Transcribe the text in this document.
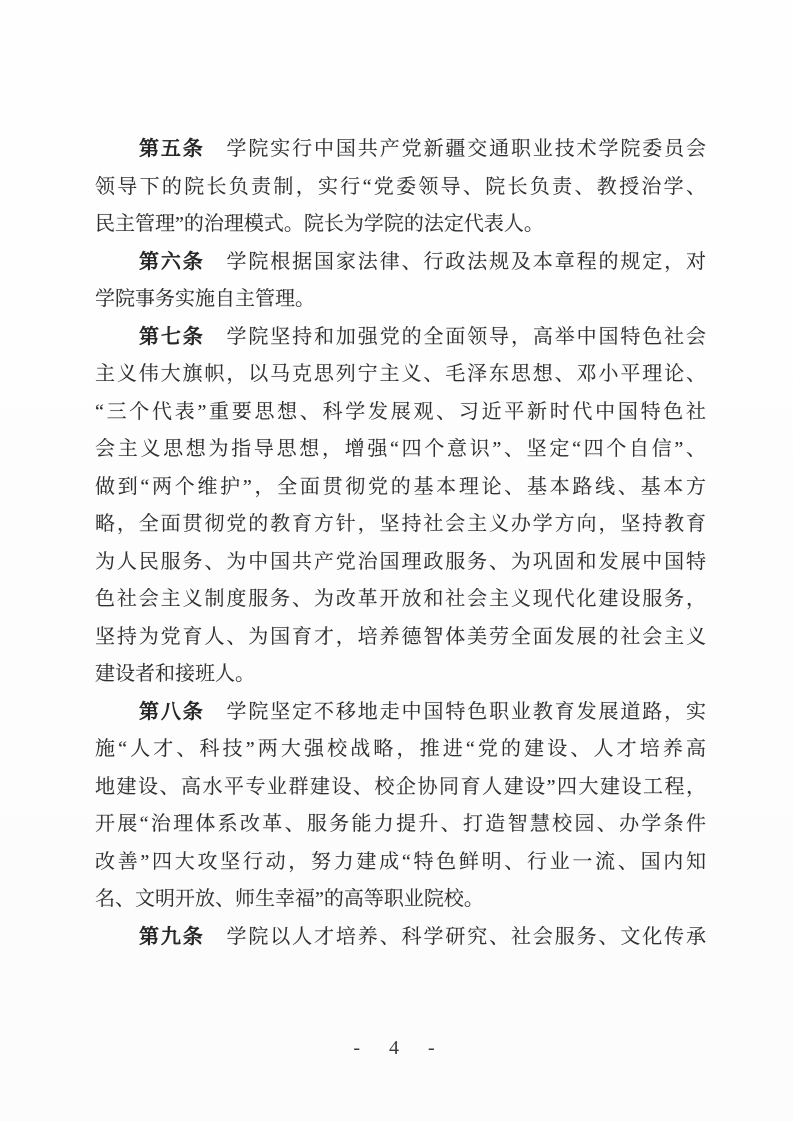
第五条　 学院实行中国共产党新疆交通职业技术学院委员会
领导下的院长负责制，实行“党委领导、院长负责、教授治学、
民主管理”的治理模式。院长为学院的法定代表人。
第六条　 学院根据国家法律、行政法规及本章程的规定，对
学院事务实施自主管理。
第七条　 学院坚持和加强党的全面领导，高举中国特色社会
主义伟大旗帜，以马克思列宁主义、毛泽东思想、邓小平理论、
“三个代表”重要思想、科学发展观、习近平新时代中国特色社
会主义思想为指导思想，增强“四个意识”、坚定“四个自信”、
做到“两个维护”，全面贯彻党的基本理论、基本路线、基本方
略，全面贯彻党的教育方针，坚持社会主义办学方向，坚持教育
为人民服务、为中国共产党治国理政服务、为巩固和发展中国特
色社会主义制度服务、为改革开放和社会主义现代化建设服务，
坚持为党育人、为国育才，培养德智体美劳全面发展的社会主义
建设者和接班人。
第八条　 学院坚定不移地走中国特色职业教育发展道路，实
施“人才、科技”两大强校战略，推进“党的建设、人才培养高
地建设、高水平专业群建设、校企协同育人建设”四大建设工程，
开展“治理体系改革、服务能力提升、打造智慧校园、办学条件
改善”四大攻坚行动，努力建成“特色鲜明、行业一流、国内知
名、文明开放、师生幸福”的高等职业院校。
第九条　 学院以人才培养、科学研究、社会服务、文化传承
- 4 -
